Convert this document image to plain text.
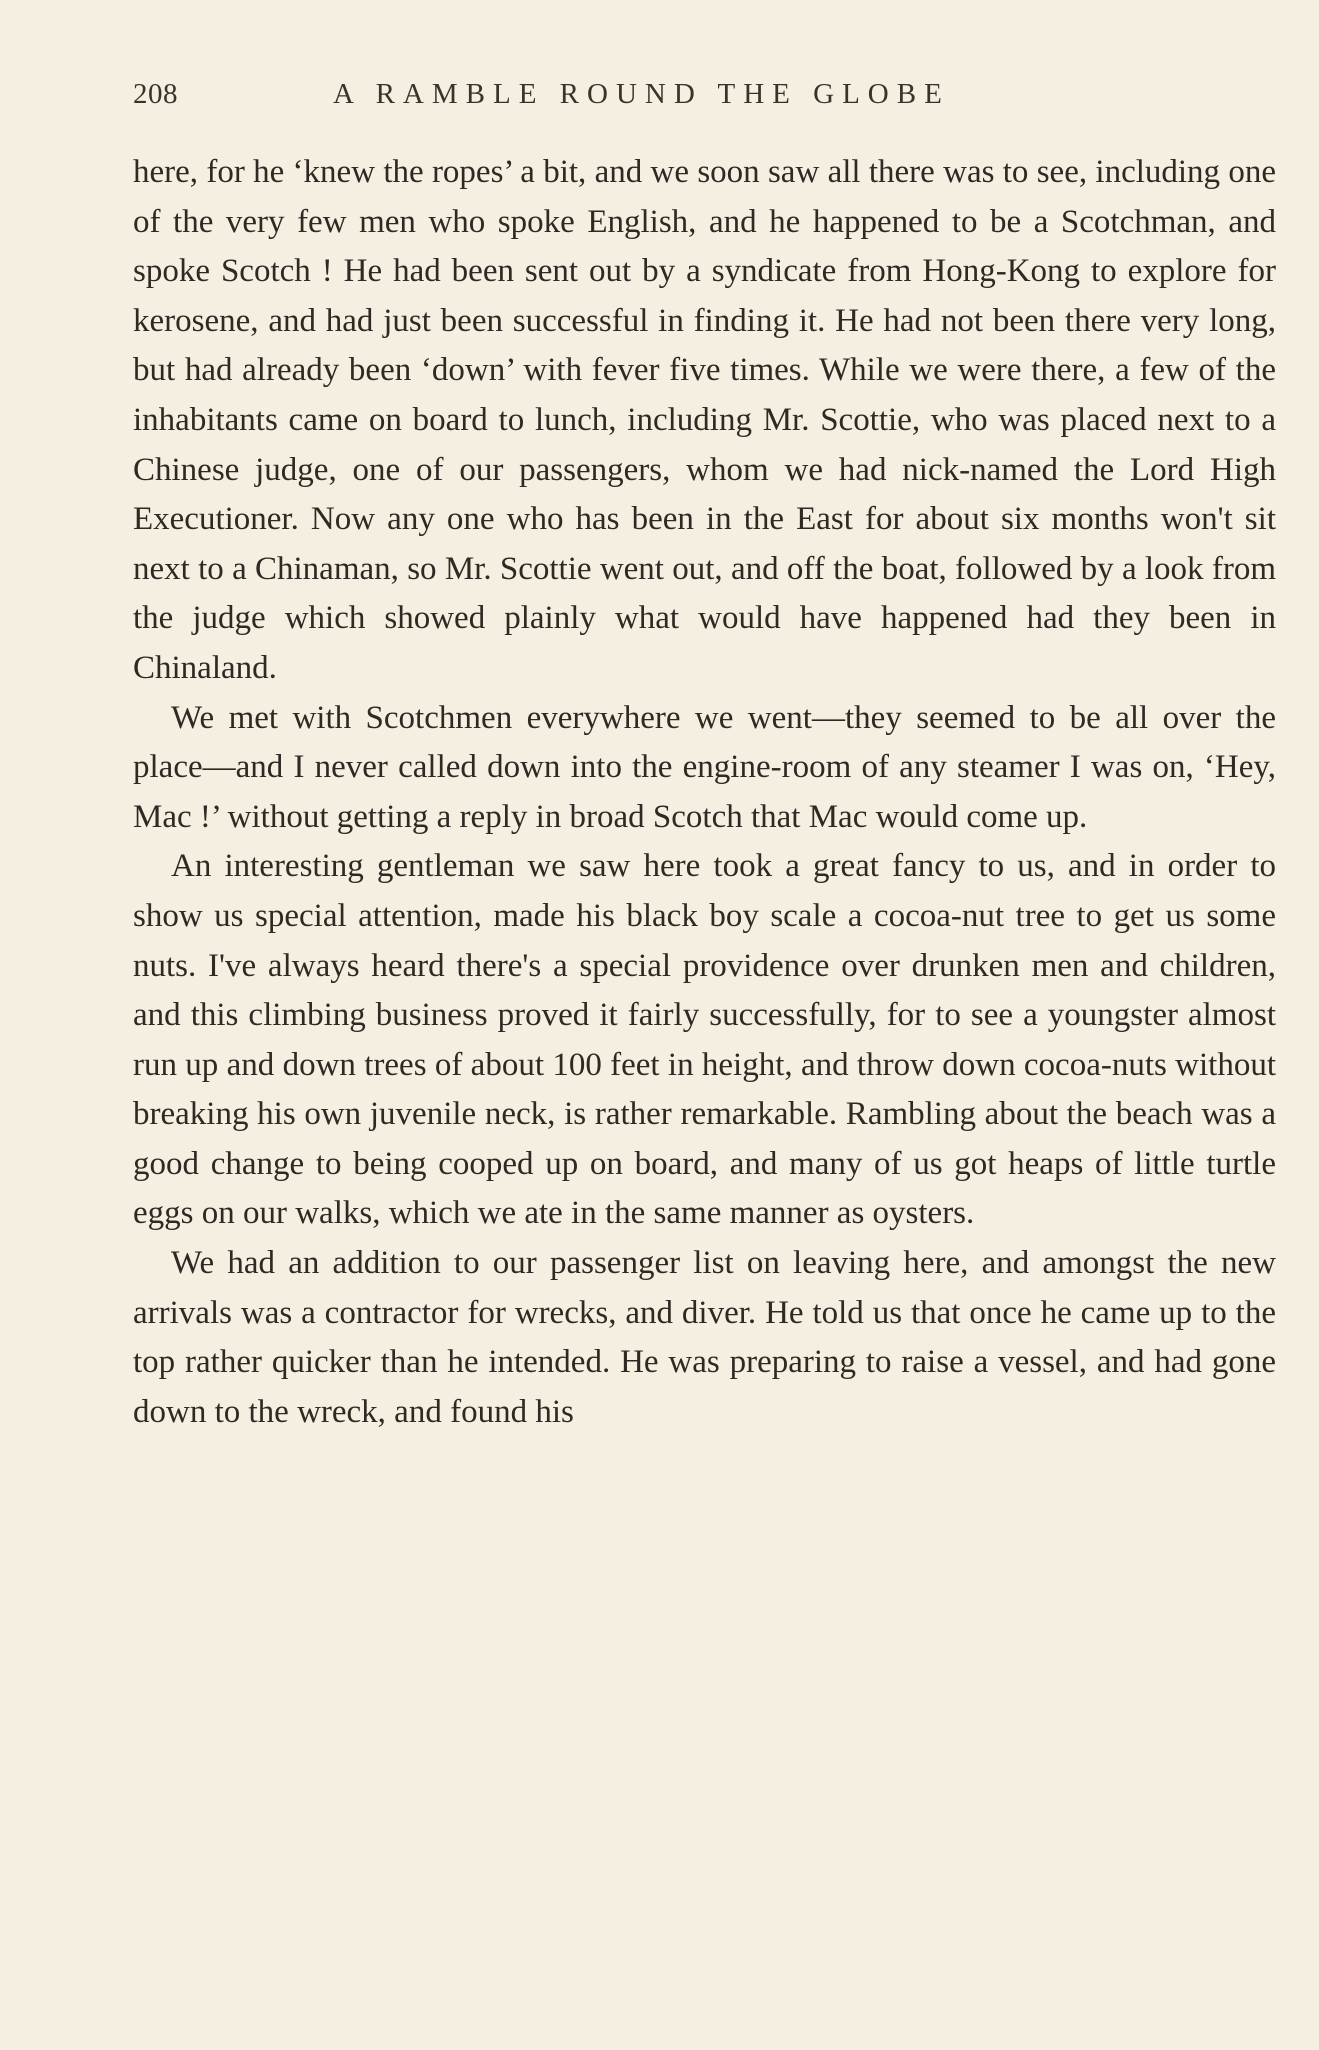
208	A RAMBLE ROUND THE GLOBE

here, for he ‘knew the ropes’ a bit, and we soon saw all there was to see, including one of the very few men who spoke English, and he happened to be a Scotchman, and spoke Scotch ! He had been sent out by a syndicate from Hong-Kong to explore for kerosene, and had just been successful in finding it. He had not been there very long, but had already been ‘down’ with fever five times. While we were there, a few of the inhabitants came on board to lunch, including Mr. Scottie, who was placed next to a Chinese judge, one of our passengers, whom we had nick-named the Lord High Executioner. Now any one who has been in the East for about six months won't sit next to a Chinaman, so Mr. Scottie went out, and off the boat, followed by a look from the judge which showed plainly what would have happened had they been in Chinaland.

We met with Scotchmen everywhere we went—they seemed to be all over the place—and I never called down into the engine-room of any steamer I was on, ‘Hey, Mac !’ without getting a reply in broad Scotch that Mac would come up.

An interesting gentleman we saw here took a great fancy to us, and in order to show us special attention, made his black boy scale a cocoa-nut tree to get us some nuts. I've always heard there's a special providence over drunken men and children, and this climbing business proved it fairly successfully, for to see a youngster almost run up and down trees of about 100 feet in height, and throw down cocoa-nuts without breaking his own juvenile neck, is rather remarkable. Rambling about the beach was a good change to being cooped up on board, and many of us got heaps of little turtle eggs on our walks, which we ate in the same manner as oysters.

We had an addition to our passenger list on leaving here, and amongst the new arrivals was a contractor for wrecks, and diver. He told us that once he came up to the top rather quicker than he intended. He was preparing to raise a vessel, and had gone down to the wreck, and found his
